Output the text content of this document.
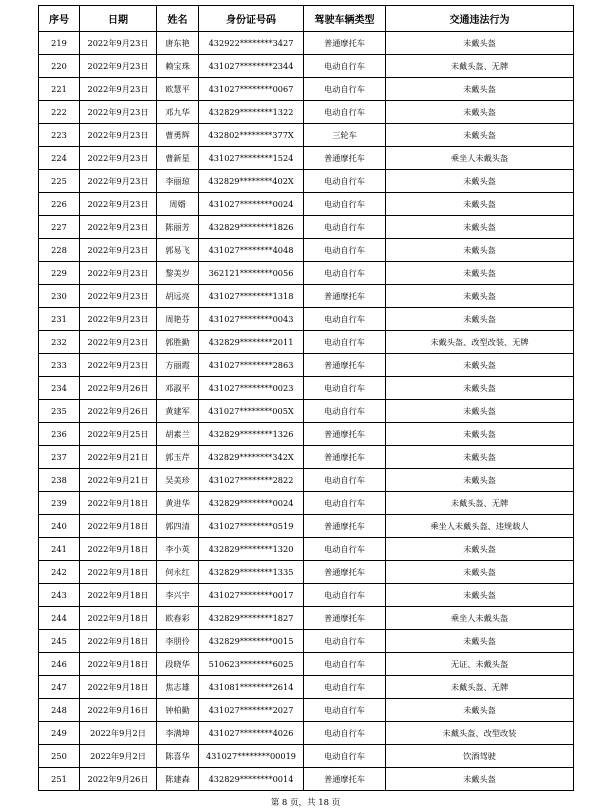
序号	日期	姓名	身份证号码	驾驶车辆类型	交通违法行为
219	2022年9月23日	唐东艳	432922********3427	普通摩托车	未戴头盔
220	2022年9月23日	赖宝珠	431027********2344	电动自行车	未戴头盔、无牌
221	2022年9月23日	欧慧平	431027********0067	电动自行车	未戴头盔
222	2022年9月23日	邓九华	432829********1322	电动自行车	未戴头盔
223	2022年9月23日	曹勇辉	432802********377X	三轮车	未戴头盔
224	2022年9月23日	曹新星	431027********1524	普通摩托车	乘坐人未戴头盔
225	2022年9月23日	李丽琼	432829********402X	电动自行车	未戴头盔
226	2022年9月23日	周婿	431027********0024	电动自行车	未戴头盔
227	2022年9月23日	陈丽芳	432829********1826	电动自行车	未戴头盔
228	2022年9月23日	郭易飞	431027********4048	电动自行车	未戴头盔
229	2022年9月23日	黎美岁	362121********0056	电动自行车	未戴头盔
230	2022年9月23日	胡远亮	431027********1318	普通摩托车	未戴头盔
231	2022年9月23日	周艳芬	431027********0043	电动自行车	未戴头盔
232	2022年9月23日	郭胜勤	432829********2011	电动自行车	未戴头盔、改型改装、无牌
233	2022年9月23日	方丽霞	431027********2863	普通摩托车	未戴头盔
234	2022年9月26日	邓淑平	431027********0023	电动自行车	未戴头盔
235	2022年9月26日	黄建军	431027********005X	电动自行车	未戴头盔
236	2022年9月25日	胡素兰	432829********1326	普通摩托车	未戴头盔
237	2022年9月21日	郭玉芹	432829********342X	普通摩托车	未戴头盔
238	2022年9月21日	吴美珍	431027********2822	电动自行车	未戴头盔
239	2022年9月18日	黄进华	432829********0024	电动自行车	未戴头盔、无牌
240	2022年9月18日	郭四清	431027********0519	普通摩托车	乘坐人未戴头盔、违规载人
241	2022年9月18日	李小英	432829********1320	电动自行车	未戴头盔
242	2022年9月18日	何永红	432829********1335	普通摩托车	未戴头盔
243	2022年9月18日	李兴宇	431027********0017	电动自行车	未戴头盔
244	2022年9月18日	欧春彩	432829********1827	普通摩托车	乘坐人未戴头盔
245	2022年9月18日	李朋伶	432829********0015	电动自行车	未戴头盔
246	2022年9月18日	段晓华	510623********6025	电动自行车	无证、未戴头盔
247	2022年9月18日	焦志雄	431081********2614	电动自行车	未戴头盔、无牌
248	2022年9月16日	钟柏勤	431027********2027	电动自行车	未戴头盔
249	2022年9月2日	李满坤	431027********4026	电动自行车	未戴头盔、改型改装
250	2022年9月2日	陈喜华	431027********00019	电动自行车	饮酒驾驶
251	2022年9月26日	陈建森	432829********0014	普通摩托车	未戴头盔
第 8 页，共 18 页
